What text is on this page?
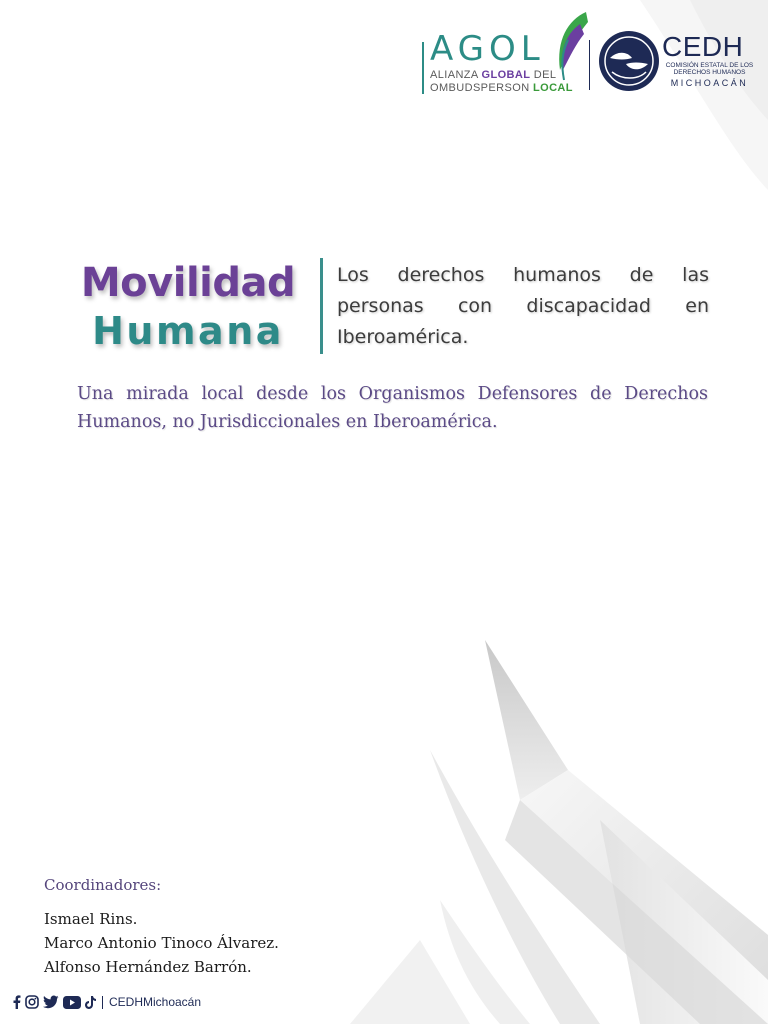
AGOL
ALIANZA GLOBAL DEL
OMBUDSPERSON LOCAL
CEDH
COMISIÓN ESTATAL DE LOS DERECHOS HUMANOS
MICHOACÁN
Movilidad
Humana

Los derechos humanos de las personas con discapacidad en Iberoamérica.

Una mirada local desde los Organismos Defensores de Derechos Humanos, no Jurisdiccionales en Iberoamérica.

Coordinadores:

Ismael Rins.
Marco Antonio Tinoco Álvarez.
Alfonso Hernández Barrón.
CEDHMichoacán
